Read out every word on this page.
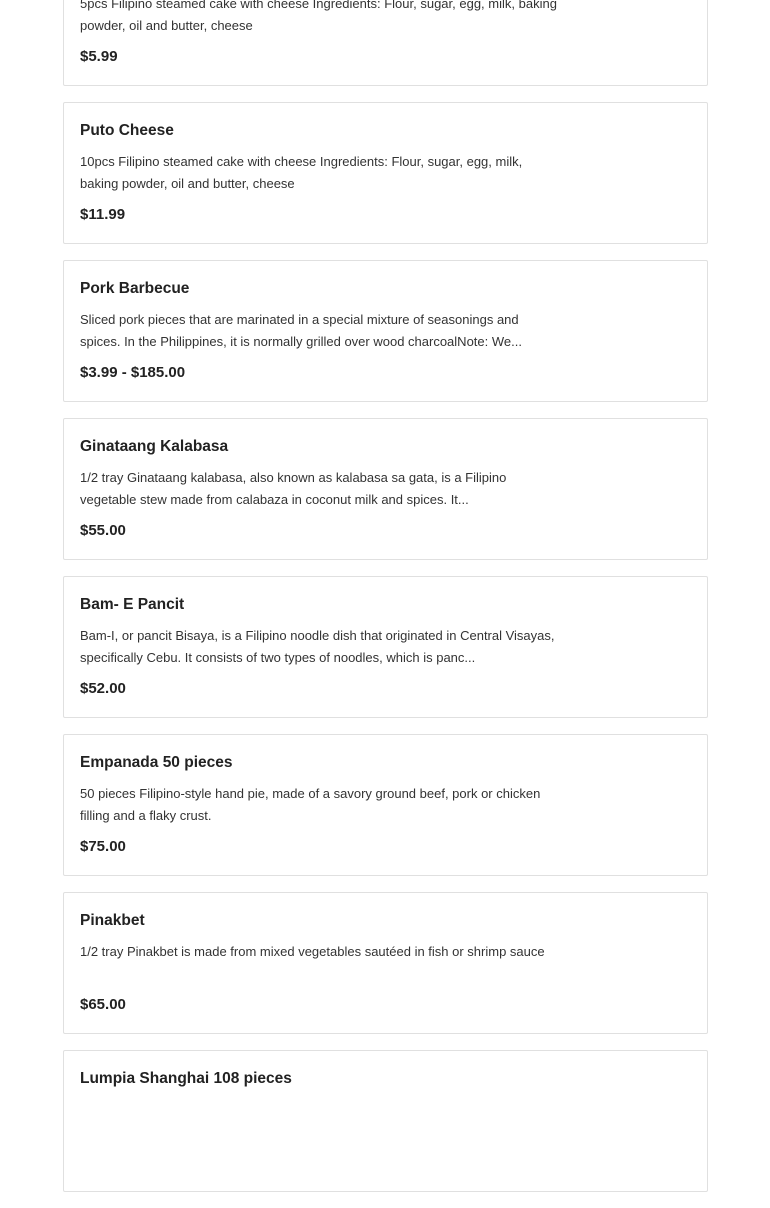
5pcs Filipino steamed cake with cheese Ingredients: Flour, sugar, egg, milk, baking powder, oil and butter, cheese
$5.99
Puto Cheese
10pcs Filipino steamed cake with cheese Ingredients: Flour, sugar, egg, milk, baking powder, oil and butter, cheese
$11.99
Pork Barbecue
Sliced pork pieces that are marinated in a special mixture of seasonings and spices. In the Philippines, it is normally grilled over wood charcoalNote: We...
$3.99 - $185.00
Ginataang Kalabasa
1/2 tray Ginataang kalabasa, also known as kalabasa sa gata, is a Filipino vegetable stew made from calabaza in coconut milk and spices. It...
$55.00
Bam- E Pancit
Bam-I, or pancit Bisaya, is a Filipino noodle dish that originated in Central Visayas, specifically Cebu. It consists of two types of noodles, which is panc...
$52.00
Empanada 50 pieces
50 pieces Filipino-style hand pie, made of a savory ground beef, pork or chicken filling and a flaky crust.
$75.00
Pinakbet
1/2 tray Pinakbet is made from mixed vegetables sautéed in fish or shrimp sauce
$65.00
Lumpia Shanghai 108 pieces
